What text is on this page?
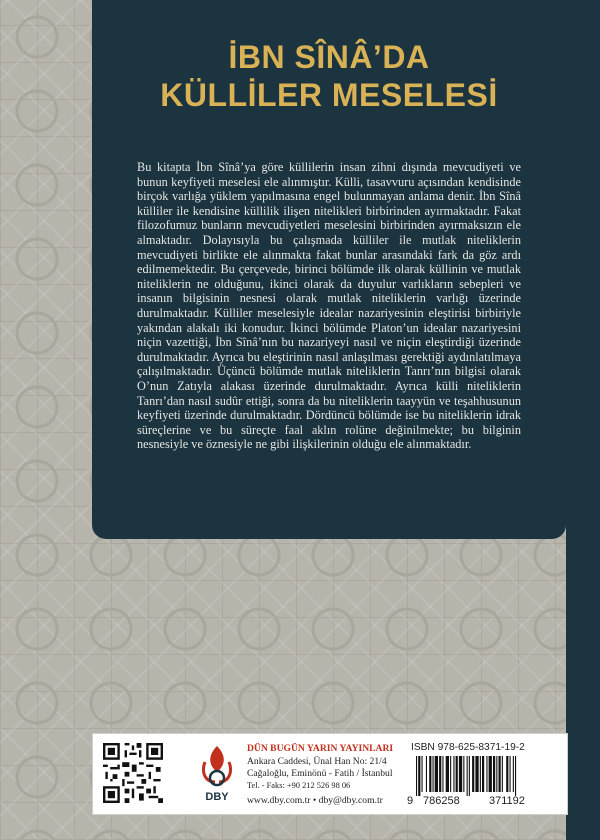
İBN SÎNÂ’DA
KÜLLİLER MESELESİ

Bu kitapta İbn Sînâ’ya göre küllilerin insan zihni dışında mevcudiyeti ve bunun keyfiyeti meselesi ele alınmıştır. Külli, tasavvuru açısından kendisinde birçok varlığa yüklem yapılmasına engel bulunmayan anlama denir. İbn Sînâ külliler ile kendisine küllilik ilişen nitelikleri birbirinden ayırmaktadır. Fakat filozofumuz bunların mevcudiyetleri meselesini birbirinden ayırmaksızın ele almaktadır. Dolayısıyla bu çalışmada külliler ile mutlak niteliklerin mevcudiyeti birlikte ele alınmakta fakat bunlar arasındaki fark da göz ardı edilmemektedir. Bu çerçevede, birinci bölümde ilk olarak küllinin ve mutlak niteliklerin ne olduğunu, ikinci olarak da duyulur varlıkların sebepleri ve insanın bilgisinin nesnesi olarak mutlak niteliklerin varlığı üzerinde durulmaktadır. Külliler meselesiyle idealar nazariyesinin eleştirisi birbiriyle yakından alakalı iki konudur. İkinci bölümde Platon’un idealar nazariyesini niçin vazettiği, İbn Sînâ’nın bu nazariyeyi nasıl ve niçin eleştirdiği üzerinde durulmaktadır. Ayrıca bu eleştirinin nasıl anlaşılması gerektiği aydınlatılmaya çalışılmaktadır. Üçüncü bölümde mutlak niteliklerin Tanrı’nın bilgisi olarak O’nun Zatıyla alakası üzerinde durulmaktadır. Ayrıca külli niteliklerin Tanrı’dan nasıl sudûr ettiği, sonra da bu niteliklerin taayyün ve teşahhusunun keyfiyeti üzerinde durulmaktadır. Dördüncü bölümde ise bu niteliklerin idrak süreçlerine ve bu süreçte faal aklın rolüne değinilmekte; bu bilginin nesnesiyle ve öznesiyle ne gibi ilişkilerinin olduğu ele alınmaktadır.

DBY

DÜN BUGÜN YARIN YAYINLARI

Ankara Caddesi, Ünal Han No: 21/4

Cağaloğlu, Eminönü - Fatih / İstanbul

Tel. - Faks: +90 212 526 98 06

www.dby.com.tr • dby@dby.com.tr

ISBN 978-625-8371-19-2

9 786258	371192
